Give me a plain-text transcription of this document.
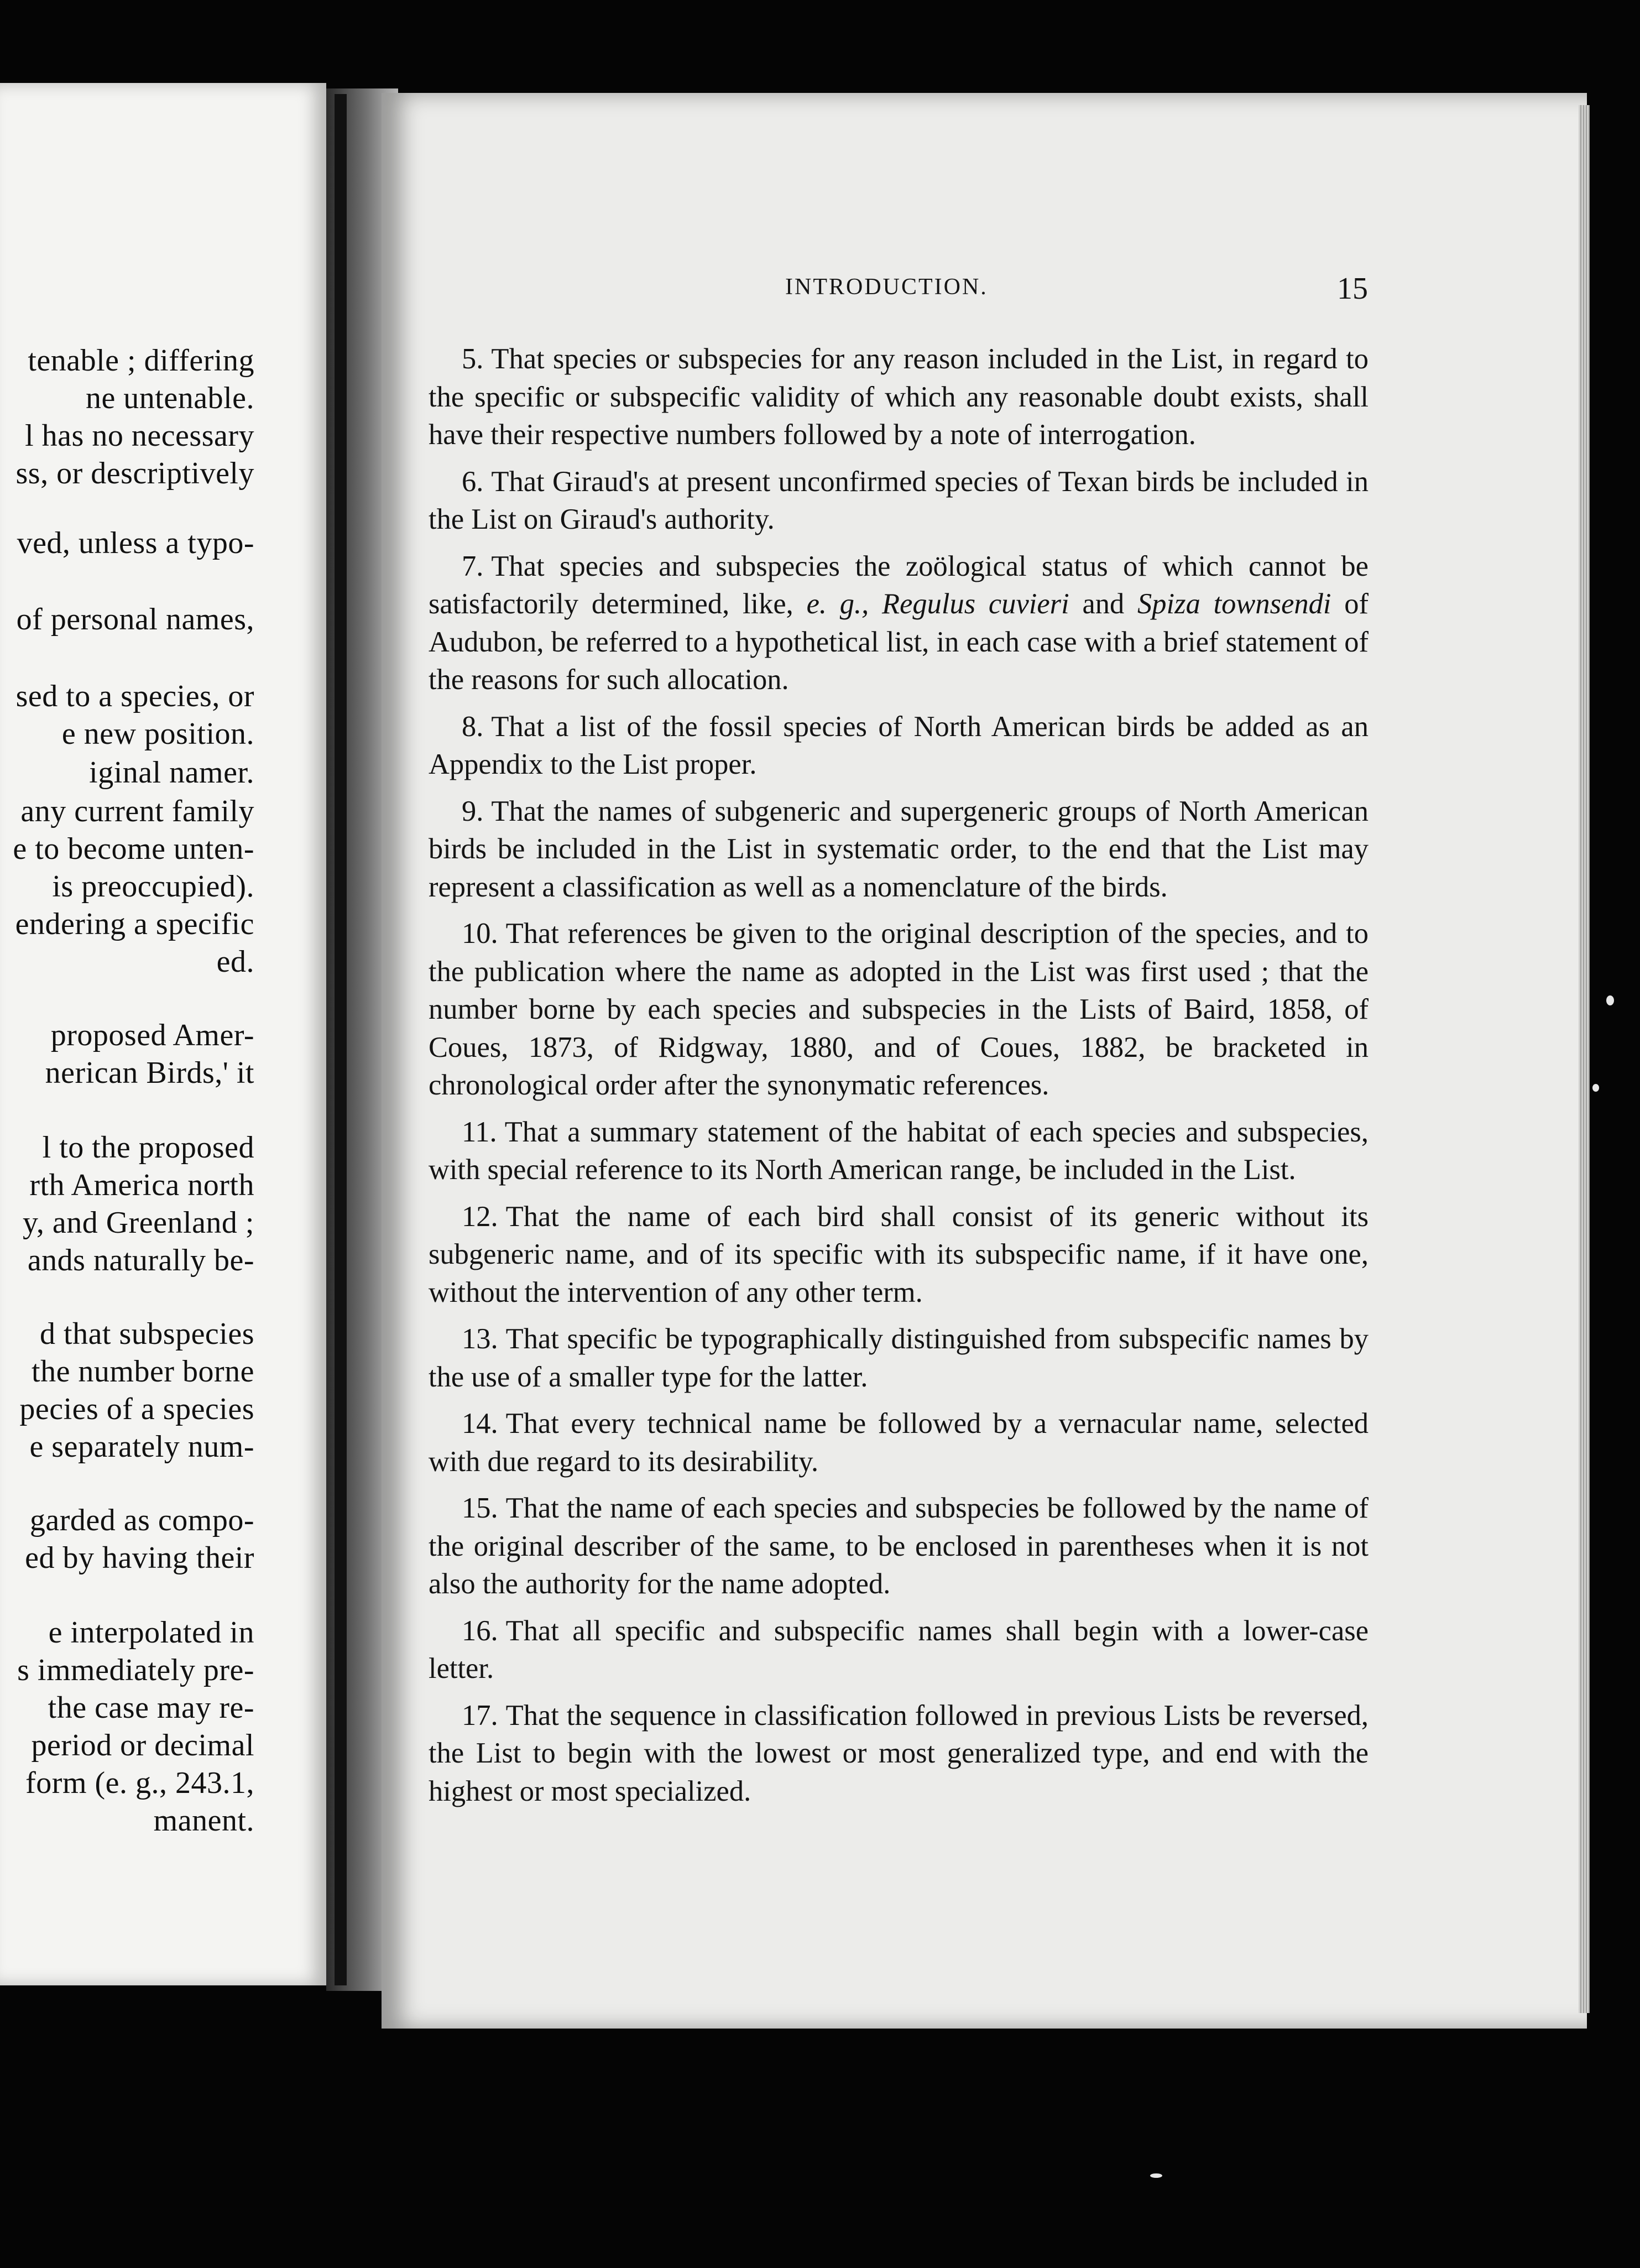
tenable ; differing
ne untenable.
l has no necessary
ss, or descriptively
ved, unless a typo-
of personal names,
sed to a species, or
e new position.
iginal namer.
any current family
e to become unten-
is preoccupied).
endering a specific
ed.
proposed Amer-
nerican Birds,' it
l to the proposed
rth America north
y, and Greenland ;
ands naturally be-
d that subspecies
the number borne
pecies of a species
e separately num-
garded as compo-
ed by having their
e interpolated in
s immediately pre-
the case may re-
period or decimal
form (e. g., 243.1,
manent.
INTRODUCTION.	15

5. That species or subspecies for any reason included in the List, in regard to the specific or subspecific validity of which any reasonable doubt exists, shall have their respective numbers followed by a note of interrogation.

6. That Giraud's at present unconfirmed species of Texan birds be included in the List on Giraud's authority.

7. That species and subspecies the zoölogical status of which cannot be satisfactorily determined, like, e. g., Regulus cuvieri and Spiza townsendi of Audubon, be referred to a hypothetical list, in each case with a brief statement of the reasons for such allocation.

8. That a list of the fossil species of North American birds be added as an Appendix to the List proper.

9. That the names of subgeneric and supergeneric groups of North American birds be included in the List in systematic order, to the end that the List may represent a classification as well as a nomenclature of the birds.

10. That references be given to the original description of the species, and to the publication where the name as adopted in the List was first used ; that the number borne by each species and subspecies in the Lists of Baird, 1858, of Coues, 1873, of Ridgway, 1880, and of Coues, 1882, be bracketed in chronological order after the synonymatic references.

11. That a summary statement of the habitat of each species and subspecies, with special reference to its North American range, be included in the List.

12. That the name of each bird shall consist of its generic without its subgeneric name, and of its specific with its subspecific name, if it have one, without the intervention of any other term.

13. That specific be typographically distinguished from subspecific names by the use of a smaller type for the latter.

14. That every technical name be followed by a vernacular name, selected with due regard to its desirability.

15. That the name of each species and subspecies be followed by the name of the original describer of the same, to be enclosed in parentheses when it is not also the authority for the name adopted.

16. That all specific and subspecific names shall begin with a lower-case letter.

17. That the sequence in classification followed in previous Lists be reversed, the List to begin with the lowest or most generalized type, and end with the highest or most specialized.
